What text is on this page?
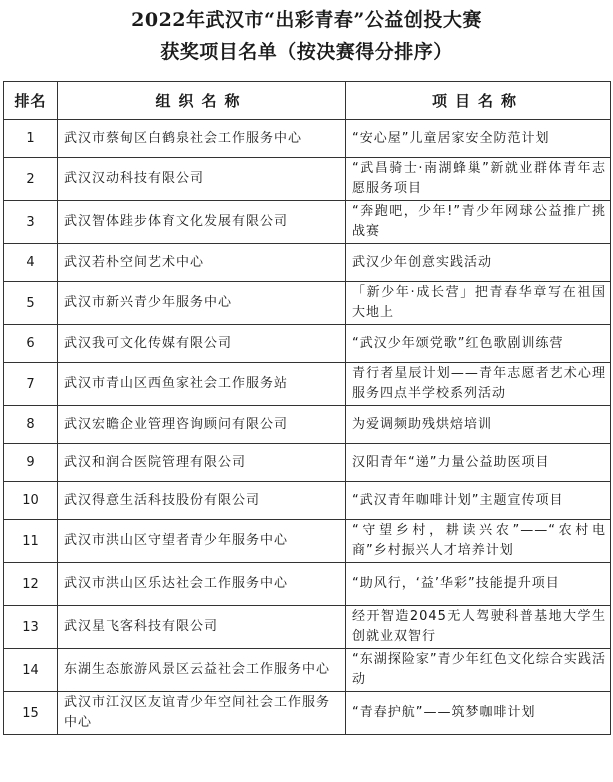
2022年武汉市“出彩青春”公益创投大赛
获奖项目名单（按决赛得分排序）
排名	组织名称	项目名称
1	武汉市蔡甸区白鹤泉社会工作服务中心	“安心屋”儿童居家安全防范计划
2	武汉汉动科技有限公司	“武昌骑士·南湖蜂巢”新就业群体青年志愿服务项目
3	武汉智体跬步体育文化发展有限公司	“奔跑吧，少年!”青少年网球公益推广挑战赛
4	武汉若朴空间艺术中心	武汉少年创意实践活动
5	武汉市新兴青少年服务中心	「新少年·成长营」把青春华章写在祖国大地上
6	武汉我可文化传媒有限公司	“武汉少年颂党歌”红色歌剧训练营
7	武汉市青山区西鱼家社会工作服务站	青行者星辰计划——青年志愿者艺术心理服务四点半学校系列活动
8	武汉宏瞻企业管理咨询顾问有限公司	为爱调频助残烘焙培训
9	武汉和润合医院管理有限公司	汉阳青年“递”力量公益助医项目
10	武汉得意生活科技股份有限公司	“武汉青年咖啡计划”主题宣传项目
11	武汉市洪山区守望者青少年服务中心	“守望乡村，耕读兴农”——“农村电商”乡村振兴人才培养计划
12	武汉市洪山区乐达社会工作服务中心	“助风行，‘益’华彩”技能提升项目
13	武汉星飞客科技有限公司	经开智造2045无人驾驶科普基地大学生创就业双智行
14	东湖生态旅游风景区云益社会工作服务中心	“东湖探险家”青少年红色文化综合实践活动
15	武汉市江汉区友谊青少年空间社会工作服务中心	“青春护航”——筑梦咖啡计划
